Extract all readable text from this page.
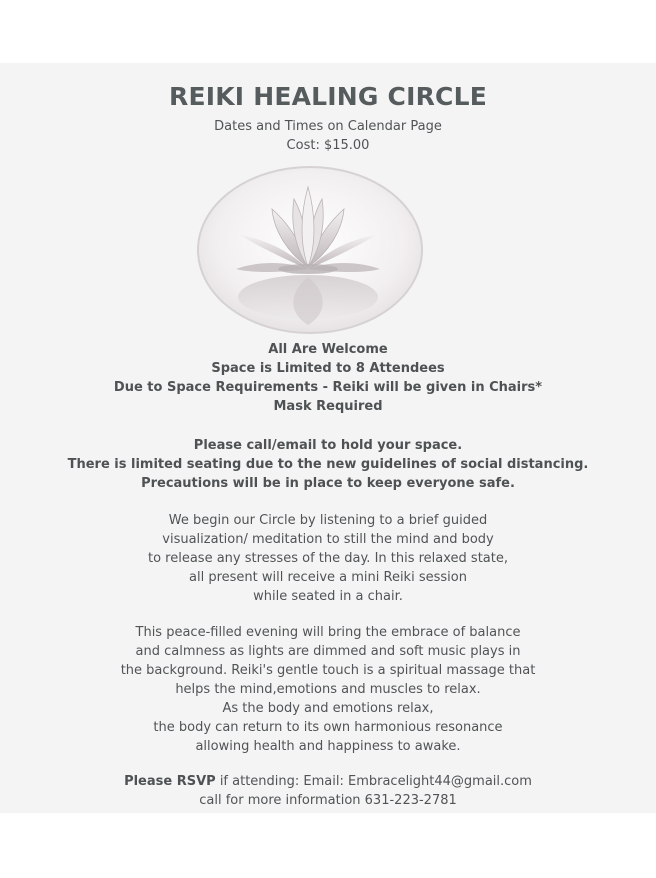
REIKI HEALING CIRCLE
Dates and Times on Calendar Page
Cost: $15.00
All Are Welcome
Space is Limited to 8 Attendees
Due to Space Requirements - Reiki will be given in Chairs*
Mask Required
Please call/email to hold your space.
There is limited seating due to the new guidelines of social distancing.
Precautions will be in place to keep everyone safe.
We begin our Circle by listening to a brief guided
visualization/ meditation to still the mind and body
to release any stresses of the day. In this relaxed state,
all present will receive a mini Reiki session
while seated in a chair.
This peace-filled evening will bring the embrace of balance
and calmness as lights are dimmed and soft music plays in
the background. Reiki's gentle touch is a spiritual massage that
helps the mind,emotions and muscles to relax.
As the body and emotions relax,
the body can return to its own harmonious resonance
allowing health and happiness to awake.
Please RSVP if attending: Email: Embracelight44@gmail.com
call for more information 631-223-2781
